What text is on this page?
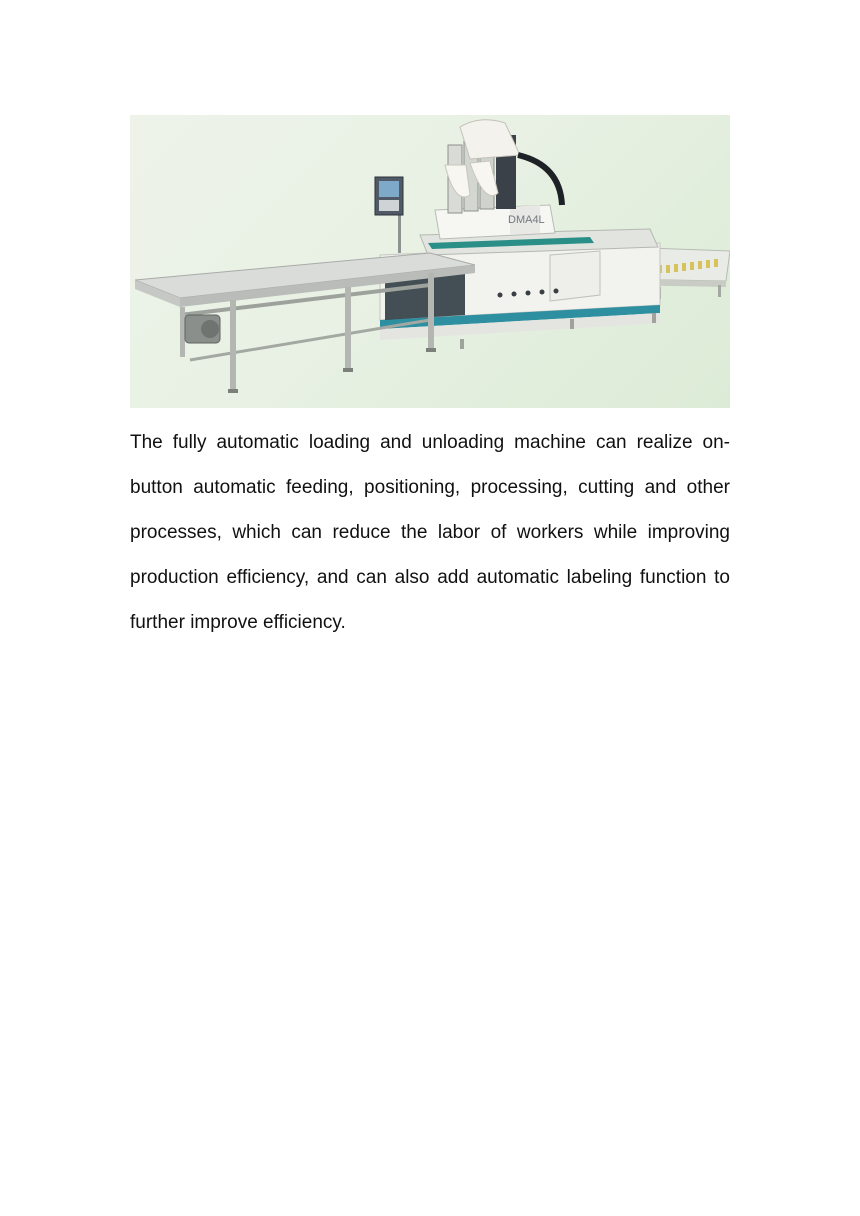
DMA4L

The fully automatic loading and unloading machine can realize on-button automatic feeding, positioning, processing, cutting and other processes, which can reduce the labor of workers while improving production efficiency, and can also add automatic labeling function to further improve efficiency.
